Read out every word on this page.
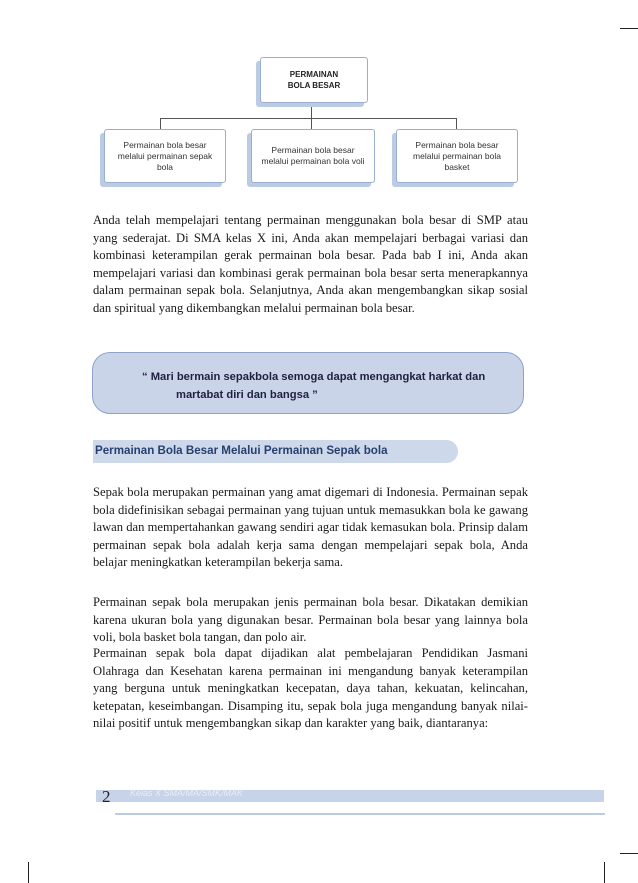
PERMAINAN
BOLA BESAR
Permainan bola besar
melalui permainan sepak
bola
Permainan bola besar
melalui permainan bola voli
Permainan bola besar
melalui permainan bola
basket

Anda telah mempelajari tentang permainan menggunakan bola besar di SMP atau yang sederajat. Di SMA kelas X ini, Anda akan mempelajari berbagai variasi dan kombinasi keterampilan gerak permainan bola besar. Pada bab I ini, Anda akan mempelajari variasi dan kombinasi gerak permainan bola besar serta menerapkannya dalam permainan sepak bola. Selanjutnya, Anda akan mengembangkan sikap sosial dan spiritual yang dikembangkan melalui permainan bola besar.

“ Mari bermain sepakbola semoga dapat mengangkat harkat dan
martabat diri dan bangsa ”
Permainan Bola Besar Melalui Permainan Sepak bola

Sepak bola merupakan permainan yang amat digemari di Indonesia. Permainan sepak bola didefinisikan sebagai permainan yang tujuan untuk memasukkan bola ke gawang lawan dan mempertahankan gawang sendiri agar tidak kemasukan bola. Prinsip dalam permainan sepak bola adalah kerja sama dengan mempelajari sepak bola, Anda belajar meningkatkan keterampilan bekerja sama.

Permainan sepak bola merupakan jenis permainan bola besar. Dikatakan demikian karena ukuran bola yang digunakan besar. Permainan bola besar yang lainnya bola voli, bola basket bola tangan, dan polo air.

Permainan sepak bola dapat dijadikan alat pembelajaran Pendidikan Jasmani Olahraga dan Kesehatan karena permainan ini mengandung banyak keterampilan yang berguna untuk meningkatkan kecepatan, daya tahan, kekuatan, kelincahan, ketepatan, keseimbangan. Disamping itu, sepak bola juga mengandung banyak nilai-nilai positif untuk mengembangkan sikap dan karakter yang baik, diantaranya:

2 Kelas X SMA/MA/SMK/MAK
